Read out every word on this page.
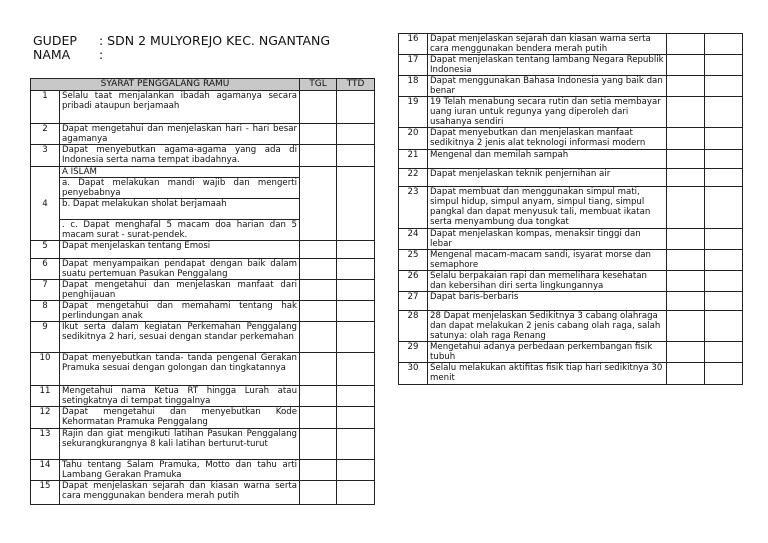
GUDEP : SDN 2 MULYOREJO KEC. NGANTANG
NAMA :
SYARAT PENGGALANG RAMU		TGL	TTD
1	Selalu taat menjalankan ibadah agamanya secara pribadi ataupun berjamaah		
2	Dapat mengetahui dan menjelaskan hari - hari besar agamanya		
3	Dapat menyebutkan agama-agama yang ada di Indonesia serta nama tempat ibadahnya.		
4	A ISLAM		
	a. Dapat melakukan mandi wajib dan mengerti penyebabnya		
	b. Dapat melakukan sholat berjamaah		
	. c. Dapat menghafal 5 macam doa harian dan 5 macam surat - surat-pendek.		
5	Dapat menjelaskan tentang Emosi		
6	Dapat menyampaikan pendapat dengan baik dalam suatu pertemuan Pasukan Penggalang		
7	Dapat mengetahui dan menjelaskan manfaat dari penghijauan		
8	Dapat mengetahui dan memahami tentang hak perlindungan anak		
9	Ikut serta dalam kegiatan Perkemahan Penggalang sedikitnya 2 hari, sesuai dengan standar perkemahan		
10	Dapat menyebutkan tanda- tanda pengenal Gerakan Pramuka sesuai dengan golongan dan tingkatannya		
11	Mengetahui nama Ketua RT hingga Lurah atau setingkatnya di tempat tinggalnya		
12	Dapat mengetahui dan menyebutkan Kode Kehormatan Pramuka Penggalang		
13	Rajin dan giat mengikuti latihan Pasukan Penggalang sekurangkurangnya 8 kali latihan berturut-turut		
14	Tahu tentang Salam Pramuka, Motto dan tahu arti Lambang Gerakan Pramuka		
15	Dapat menjelaskan sejarah dan kiasan warna serta cara menggunakan bendera merah putih		
16	Dapat menjelaskan sejarah dan kiasan warna serta cara menggunakan bendera merah putih		
17	Dapat menjelaskan tentang lambang Negara Republik Indonesia		
18	Dapat menggunakan Bahasa Indonesia yang baik dan benar		
19	19 Telah menabung secara rutin dan setia membayar uang iuran untuk regunya yang diperoleh dari usahanya sendiri		
20	Dapat menyebutkan dan menjelaskan manfaat sedikitnya 2 jenis alat teknologi informasi modern		
21	Mengenal dan memilah sampah		
22	Dapat menjelaskan teknik penjernihan air		
23	Dapat membuat dan menggunakan simpul mati, simpul hidup, simpul anyam, simpul tiang, simpul pangkal dan dapat menyusuk tali, membuat ikatan serta menyambung dua tongkat		
24	Dapat menjelaskan kompas, menaksir tinggi dan lebar		
25	Mengenal macam-macam sandi, isyarat morse dan semaphore		
26	Selalu berpakaian rapi dan memelihara kesehatan dan kebersihan diri serta lingkungannya		
27	Dapat baris-berbaris		
28	28 Dapat menjelaskan Sedikitnya 3 cabang olahraga dan dapat melakukan 2 jenis cabang olah raga, salah satunya: olah raga Renang		
29	Mengetahui adanya perbedaan perkembangan fisik tubuh		
30	Selalu melakukan aktifitas fisik tiap hari sedikitnya 30 menit		
